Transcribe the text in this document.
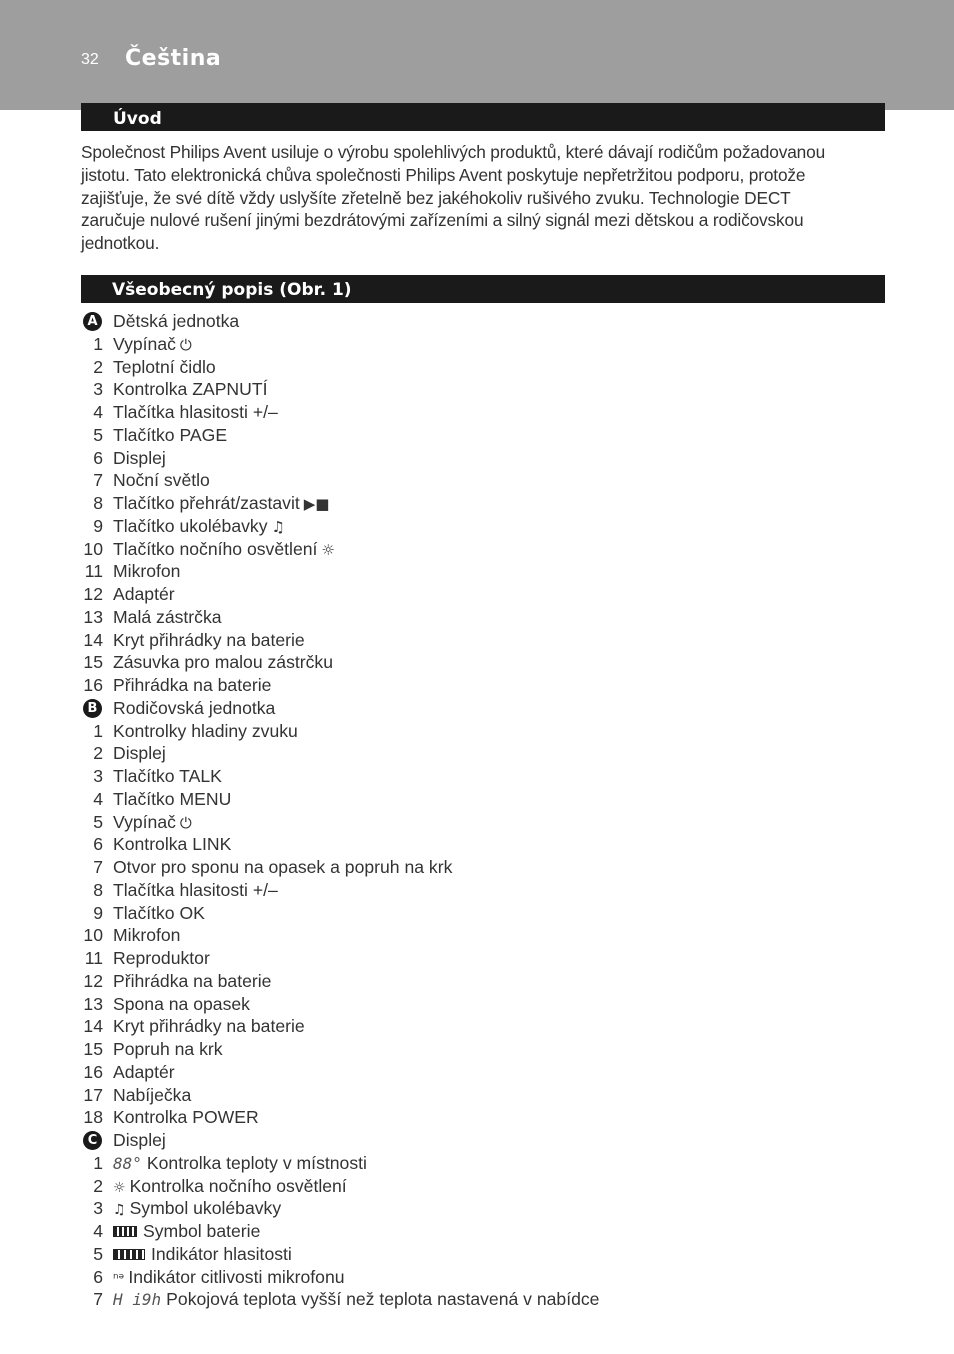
32 Čeština
Úvod
Společnost Philips Avent usiluje o výrobu spolehlivých produktů, které dávají rodičům požadovanou
jistotu. Tato elektronická chůva společnosti Philips Avent poskytuje nepřetržitou podporu, protože
zajišťuje, že své dítě vždy uslyšíte zřetelně bez jakéhokoliv rušivého zvuku. Technologie DECT
zaručuje nulové rušení jinými bezdrátovými zařízeními a silný signál mezi dětskou a rodičovskou
jednotkou.
Všeobecný popis (Obr. 1)
A Dětská jednotka
1 Vypínač ⏻
2 Teplotní čidlo
3 Kontrolka ZAPNUTÍ
4 Tlačítka hlasitosti +/–
5 Tlačítko PAGE
6 Displej
7 Noční světlo
8 Tlačítko přehrát/zastavit ▶■
9 Tlačítko ukolébavky ♫
10 Tlačítko nočního osvětlení ☼
11 Mikrofon
12 Adaptér
13 Malá zástrčka
14 Kryt přihrádky na baterie
15 Zásuvka pro malou zástrčku
16 Přihrádka na baterie
B Rodičovská jednotka
1 Kontrolky hladiny zvuku
2 Displej
3 Tlačítko TALK
4 Tlačítko MENU
5 Vypínač ⏻
6 Kontrolka LINK
7 Otvor pro sponu na opasek a popruh na krk
8 Tlačítka hlasitosti +/–
9 Tlačítko OK
10 Mikrofon
11 Reproduktor
12 Přihrádka na baterie
13 Spona na opasek
14 Kryt přihrádky na baterie
15 Popruh na krk
16 Adaptér
17 Nabíječka
18 Kontrolka POWER
C Displej
1 88° Kontrolka teploty v místnosti
2 ☼ Kontrolka nočního osvětlení
3 ♫ Symbol ukolébavky
4	Symbol baterie
5	Indikátor hlasitosti
6 ⁿᵊ Indikátor citlivosti mikrofonu
7 H i9h Pokojová teplota vyšší než teplota nastavená v nabídce
